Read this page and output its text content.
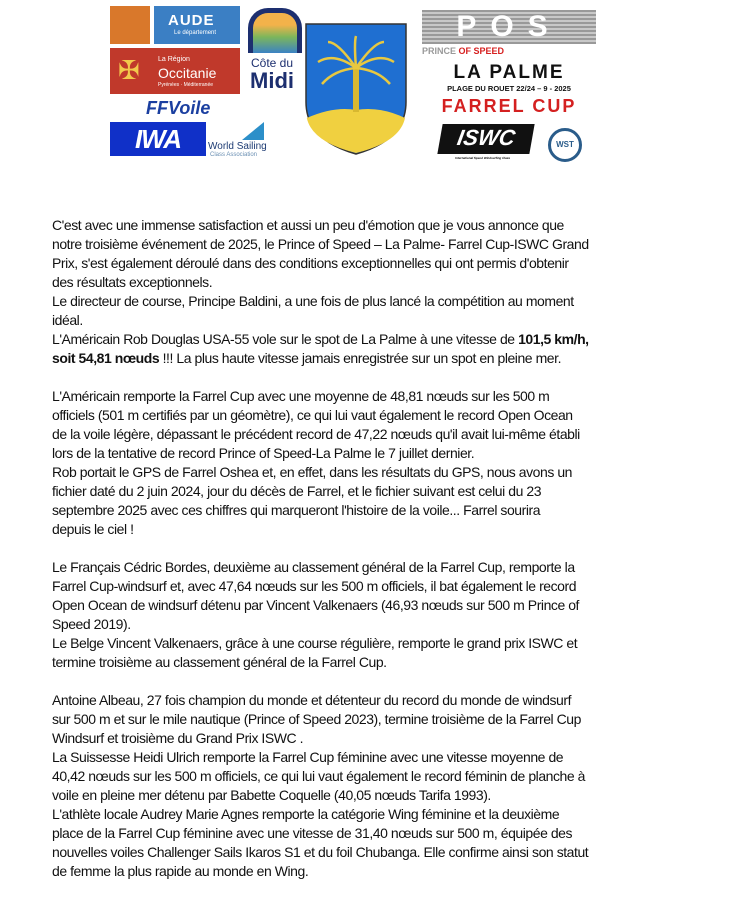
AUDE
Le département
✠	La Région
Occitanie
Pyrénées · Méditerranée
Côte du
Midi
FFVoile
IWA	World Sailing
Class Association
POS
PRINCE OF SPEED
LA PALME
PLAGE DU ROUET 22/24 – 9 - 2025
FARREL CUP
ISWC
International Speed Windsurfing Class
WST
C'est avec une immense satisfaction et aussi un peu d'émotion que je vous annonce que
notre troisième événement de 2025, le Prince of Speed – La Palme- Farrel Cup-ISWC Grand
Prix, s'est également déroulé dans des conditions exceptionnelles qui ont permis d'obtenir
des résultats exceptionnels.
Le directeur de course, Principe Baldini, a une fois de plus lancé la compétition au moment
idéal.
L'Américain Rob Douglas USA-55 vole sur le spot de La Palme à une vitesse de 101,5 km/h,
soit 54,81 nœuds !!! La plus haute vitesse jamais enregistrée sur un spot en pleine mer.
L'Américain remporte la Farrel Cup avec une moyenne de 48,81 nœuds sur les 500 m
officiels (501 m certifiés par un géomètre), ce qui lui vaut également le record Open Ocean
de la voile légère, dépassant le précédent record de 47,22 nœuds qu'il avait lui-même établi
lors de la tentative de record Prince of Speed-La Palme le 7 juillet dernier.
Rob portait le GPS de Farrel Oshea et, en effet, dans les résultats du GPS, nous avons un
fichier daté du 2 juin 2024, jour du décès de Farrel, et le fichier suivant est celui du 23
septembre 2025 avec ces chiffres qui marqueront l'histoire de la voile... Farrel sourira
depuis le ciel !
Le Français Cédric Bordes, deuxième au classement général de la Farrel Cup, remporte la
Farrel Cup-windsurf et, avec 47,64 nœuds sur les 500 m officiels, il bat également le record
Open Ocean de windsurf détenu par Vincent Valkenaers (46,93 nœuds sur 500 m Prince of
Speed 2019).
Le Belge Vincent Valkenaers, grâce à une course régulière, remporte le grand prix ISWC et
termine troisième au classement général de la Farrel Cup.
Antoine Albeau, 27 fois champion du monde et détenteur du record du monde de windsurf
sur 500 m et sur le mile nautique (Prince of Speed 2023), termine troisième de la Farrel Cup
Windsurf et troisième du Grand Prix ISWC .
La Suissesse Heidi Ulrich remporte la Farrel Cup féminine avec une vitesse moyenne de
40,42 nœuds sur les 500 m officiels, ce qui lui vaut également le record féminin de planche à
voile en pleine mer détenu par Babette Coquelle (40,05 nœuds Tarifa 1993).
L'athlète locale Audrey Marie Agnes remporte la catégorie Wing féminine et la deuxième
place de la Farrel Cup féminine avec une vitesse de 31,40 nœuds sur 500 m, équipée des
nouvelles voiles Challenger Sails Ikaros S1 et du foil Chubanga. Elle confirme ainsi son statut
de femme la plus rapide au monde en Wing.
